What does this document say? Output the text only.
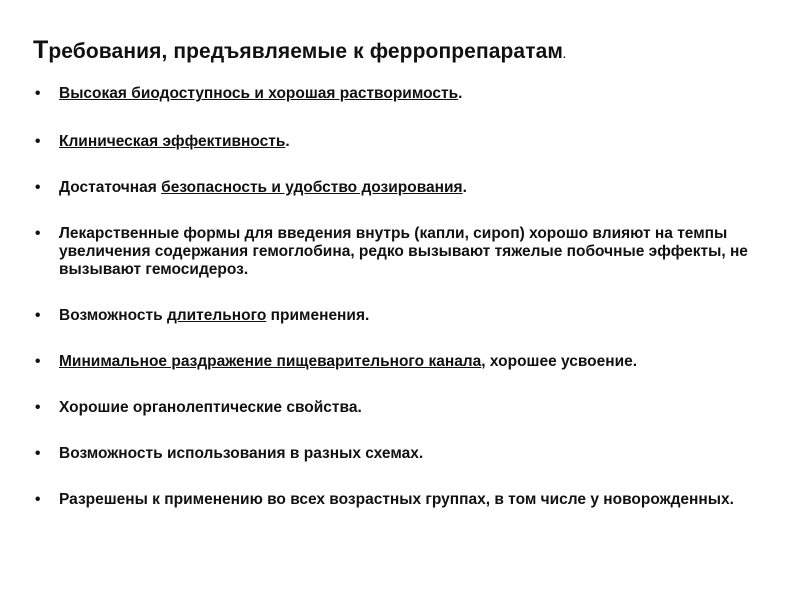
Требования, предъявляемые к ферропрепаратам.
• Высокая биодоступнось и хорошая растворимость.
• Клиническая эффективность.
• Достаточная безопасность и удобство дозирования.
• Лекарственные формы для введения внутрь (капли, сироп) хорошо влияют на темпы увеличения содержания гемоглобина, редко вызывают тяжелые побочные эффекты, не вызывают гемосидероз.
• Возможность длительного применения.
• Минимальное раздражение пищеварительного канала, хорошее усвоение.
• Хорошие органолептические свойства.
• Возможность использования в разных схемах.
• Разрешены к применению во всех возрастных группах, в том числе у новорожденных.
